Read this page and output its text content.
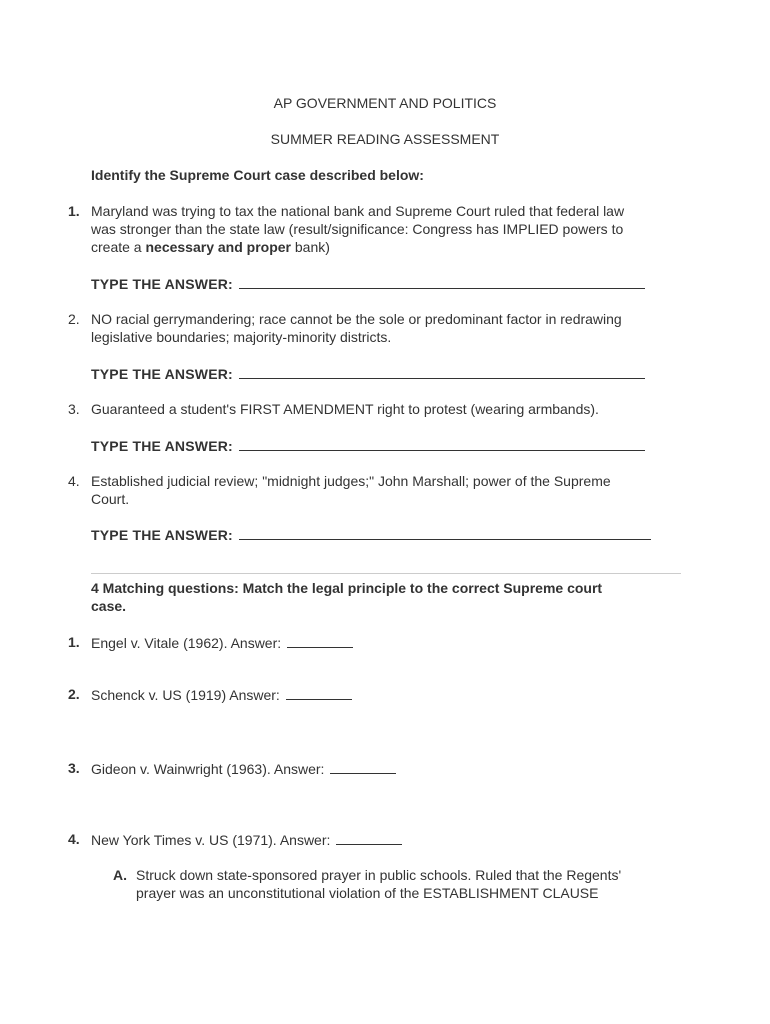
AP GOVERNMENT AND POLITICS
SUMMER READING ASSESSMENT
Identify the Supreme Court case described below:
1. Maryland was trying to tax the national bank and Supreme Court ruled that federal law
was stronger than the state law (result/significance: Congress has IMPLIED powers to
create a necessary and proper bank)
TYPE THE ANSWER:
2. NO racial gerrymandering; race cannot be the sole or predominant factor in redrawing
legislative boundaries; majority-minority districts.
TYPE THE ANSWER:
3. Guaranteed a student's FIRST AMENDMENT right to protest (wearing armbands).
TYPE THE ANSWER:
4. Established judicial review; "midnight judges;" John Marshall; power of the Supreme
Court.
TYPE THE ANSWER:
4 Matching questions: Match the legal principle to the correct Supreme court
case.
1. Engel v. Vitale (1962). Answer:
2. Schenck v. US (1919) Answer:
3. Gideon v. Wainwright (1963). Answer:
4. New York Times v. US (1971). Answer:
A. Struck down state-sponsored prayer in public schools. Ruled that the Regents'
prayer was an unconstitutional violation of the ESTABLISHMENT CLAUSE
